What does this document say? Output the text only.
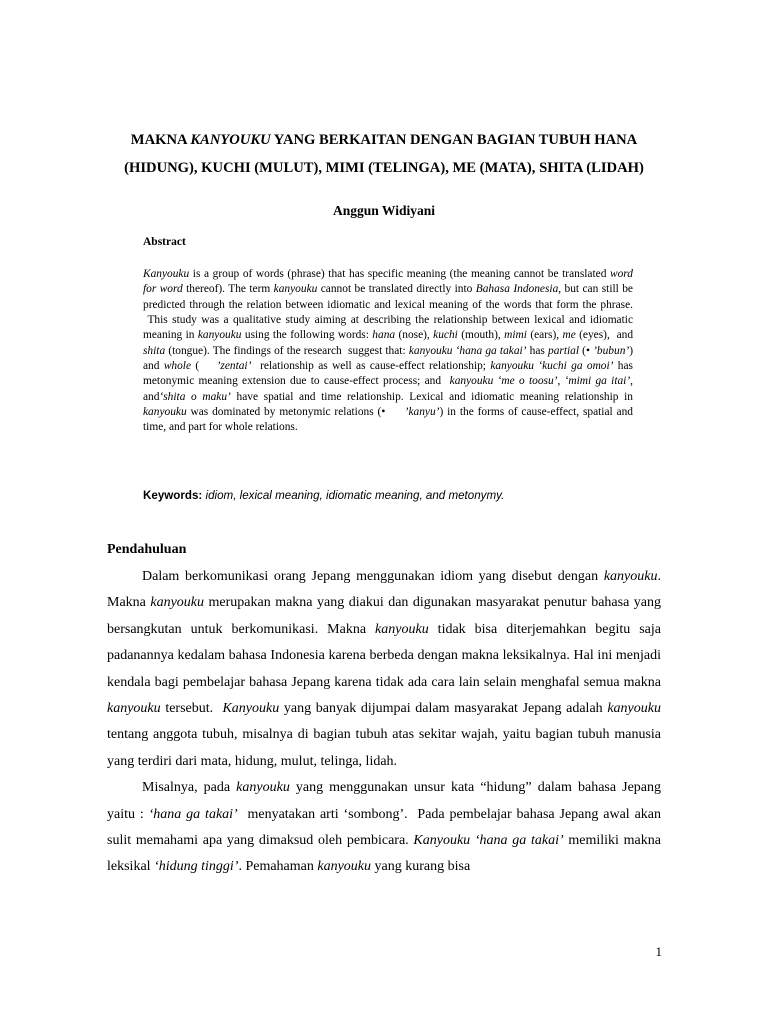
MAKNA KANYOUKU YANG BERKAITAN DENGAN BAGIAN TUBUH HANA
(HIDUNG), KUCHI (MULUT), MIMI (TELINGA), ME (MATA), SHITA (LIDAH)
Anggun Widiyani
Abstract
Kanyouku is a group of words (phrase) that has specific meaning (the meaning cannot be translated word for word thereof). The term kanyouku cannot be translated directly into Bahasa Indonesia, but can still be predicted through the relation between idiomatic and lexical meaning of the words that form the phrase.  This study was a qualitative study aiming at describing the relationship between lexical and idiomatic meaning in kanyouku using the following words: hana (nose), kuchi (mouth), mimi (ears), me (eyes),  and shita (tongue). The findings of the research  suggest that: kanyouku ‘hana ga takai’ has partial (• ’bubun’) and whole (    ’zentai’  relationship as well as cause-effect relationship; kanyouku ‘kuchi ga omoi’ has metonymic meaning extension due to cause-effect process; and  kanyouku ‘me o toosu’, ‘mimi ga itai’, and‘shita o maku’ have spatial and time relationship. Lexical and idiomatic meaning relationship in kanyouku was dominated by metonymic relations (•     ’kanyu’) in the forms of cause-effect, spatial and time, and part for whole relations.
Keywords: idiom, lexical meaning, idiomatic meaning, and metonymy.
Pendahuluan

Dalam berkomunikasi orang Jepang menggunakan idiom yang disebut dengan kanyouku. Makna kanyouku merupakan makna yang diakui dan digunakan masyarakat penutur bahasa yang bersangkutan untuk berkomunikasi. Makna kanyouku tidak bisa diterjemahkan begitu saja padanannya kedalam bahasa Indonesia karena berbeda dengan makna leksikalnya. Hal ini menjadi kendala bagi pembelajar bahasa Jepang karena tidak ada cara lain selain menghafal semua makna kanyouku tersebut.  Kanyouku yang banyak dijumpai dalam masyarakat Jepang adalah kanyouku tentang anggota tubuh, misalnya di bagian tubuh atas sekitar wajah, yaitu bagian tubuh manusia yang terdiri dari mata, hidung, mulut, telinga, lidah.

Misalnya, pada kanyouku yang menggunakan unsur kata “hidung” dalam bahasa Jepang yaitu : ‘hana ga takai’  menyatakan arti ‘sombong’.  Pada pembelajar bahasa Jepang awal akan sulit memahami apa yang dimaksud oleh pembicara. Kanyouku ‘hana ga takai’ memiliki makna leksikal ‘hidung tinggi’. Pemahaman kanyouku yang kurang bisa

1
